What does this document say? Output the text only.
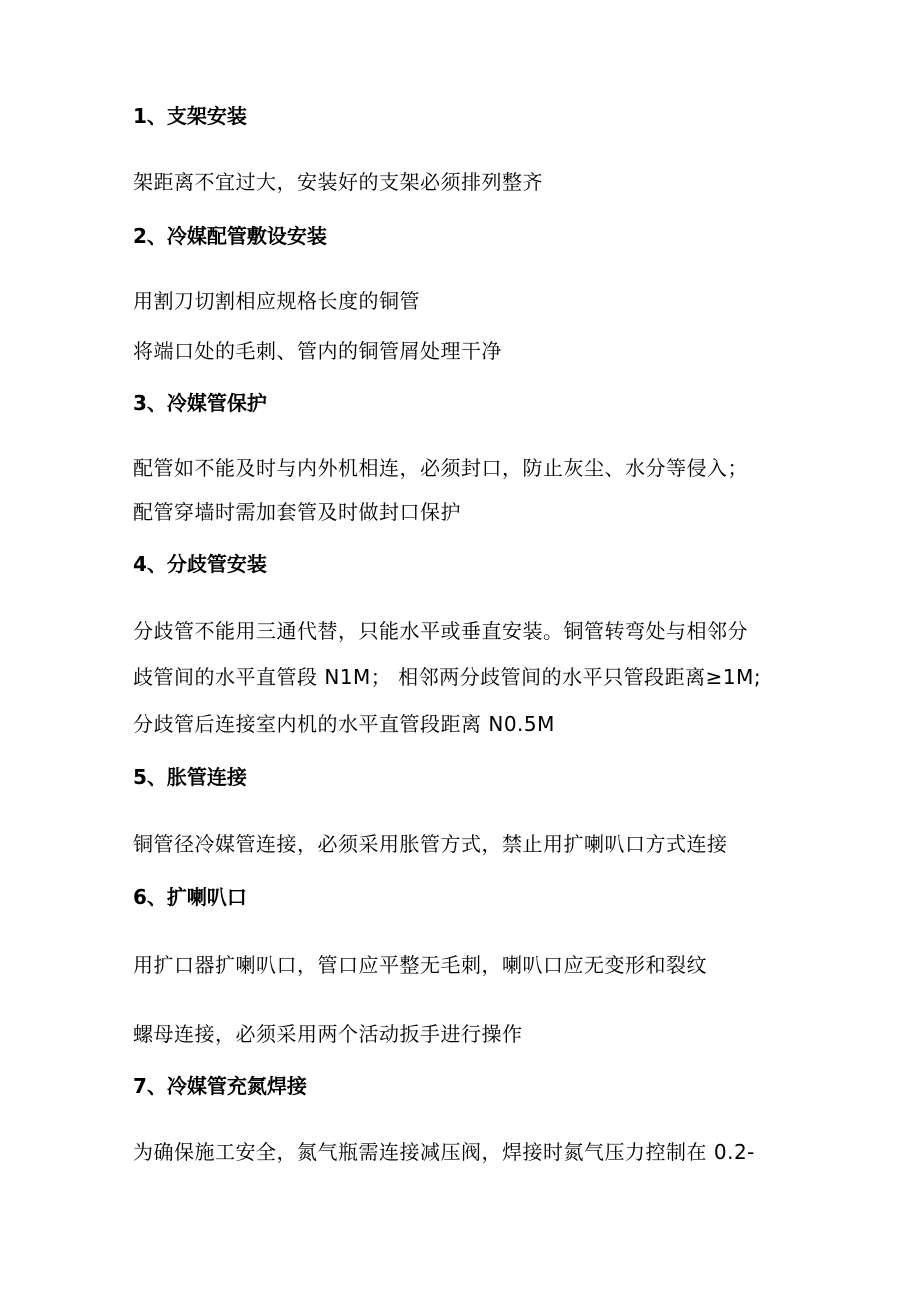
1、支架安装
架距离不宜过大，安装好的支架必须排列整齐
2、冷媒配管敷设安装
用割刀切割相应规格长度的铜管
将端口处的毛刺、管内的铜管屑处理干净
3、冷媒管保护
配管如不能及时与内外机相连，必须封口，防止灰尘、水分等侵入；
配管穿墙时需加套管及时做封口保护
4、分歧管安装
分歧管不能用三通代替，只能水平或垂直安装。铜管转弯处与相邻分
歧管间的水平直管段 N1M； 相邻两分歧管间的水平只管段距离≥1M;
分歧管后连接室内机的水平直管段距离 N0.5M
5、胀管连接
铜管径冷媒管连接，必须采用胀管方式，禁止用扩喇叭口方式连接
6、扩喇叭口
用扩口器扩喇叭口，管口应平整无毛刺，喇叭口应无变形和裂纹
螺母连接，必须采用两个活动扳手进行操作
7、冷媒管充氮焊接
为确保施工安全，氮气瓶需连接减压阀，焊接时氮气压力控制在 0.2-
